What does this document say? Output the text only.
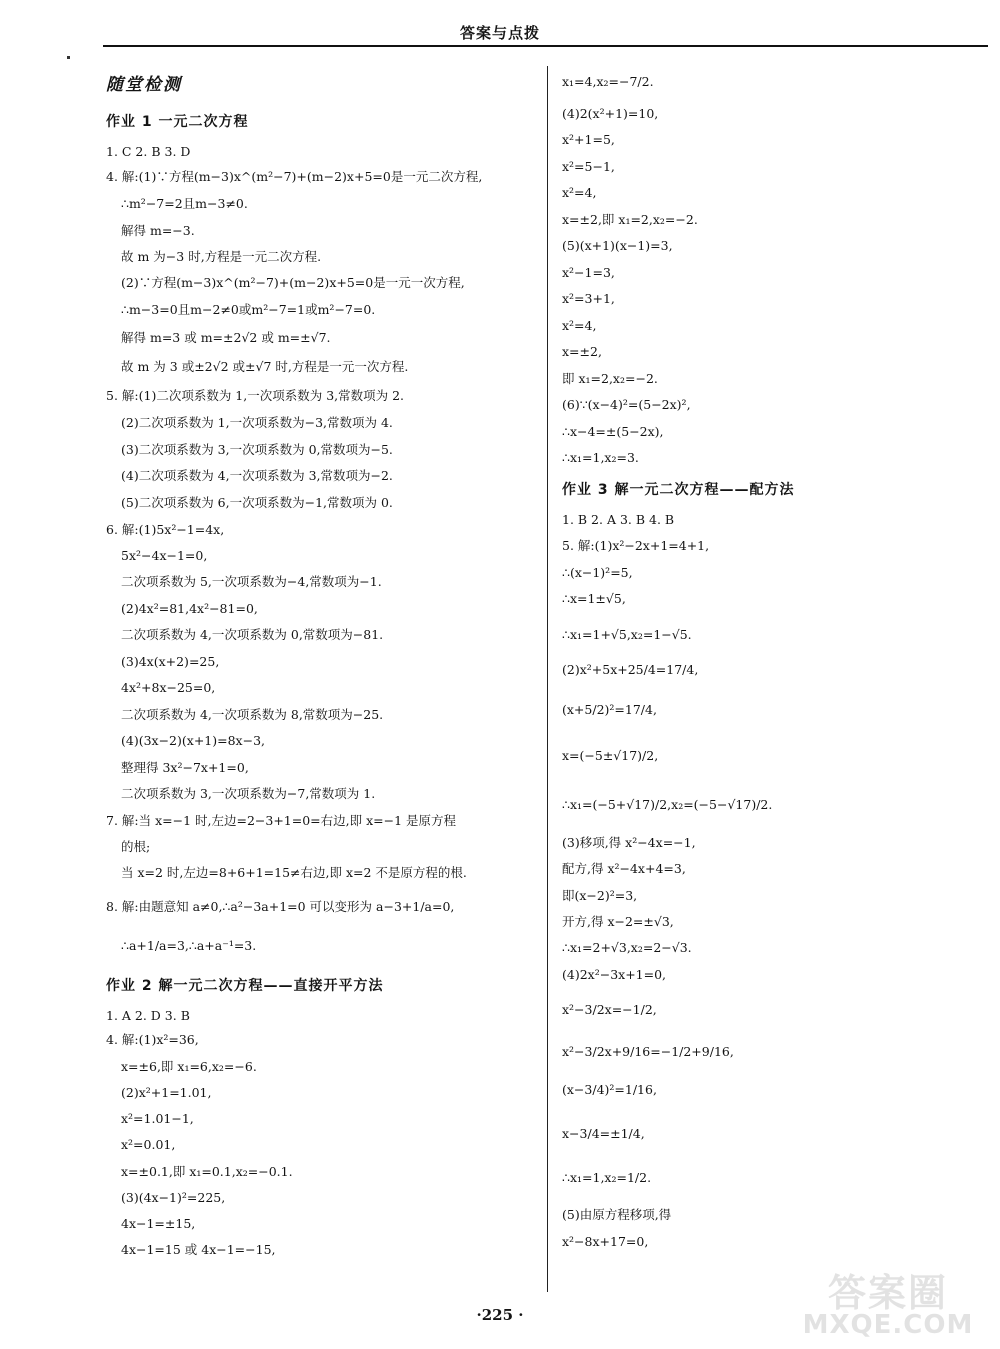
答案与点拨
随堂检测
作业 1 一元二次方程
1. C 2. B 3. D
4. 解:(1)∵方程(m−3)x^(m²−7)+(m−2)x+5=0是一元二次方程,
∴m²−7=2且m−3≠0.
解得 m=−3.
故 m 为−3 时,方程是一元二次方程.
(2)∵方程(m−3)x^(m²−7)+(m−2)x+5=0是一元一次方程,
∴m−3=0且m−2≠0或m²−7=1或m²−7=0.
解得 m=3 或 m=±2√2 或 m=±√7.
故 m 为 3 或±2√2 或±√7 时,方程是一元一次方程.
5. 解:(1)二次项系数为 1,一次项系数为 3,常数项为 2.
(2)二次项系数为 1,一次项系数为−3,常数项为 4.
(3)二次项系数为 3,一次项系数为 0,常数项为−5.
(4)二次项系数为 4,一次项系数为 3,常数项为−2.
(5)二次项系数为 6,一次项系数为−1,常数项为 0.
6. 解:(1)5x²−1=4x,
5x²−4x−1=0,
二次项系数为 5,一次项系数为−4,常数项为−1.
(2)4x²=81,4x²−81=0,
二次项系数为 4,一次项系数为 0,常数项为−81.
(3)4x(x+2)=25,
4x²+8x−25=0,
二次项系数为 4,一次项系数为 8,常数项为−25.
(4)(3x−2)(x+1)=8x−3,
整理得 3x²−7x+1=0,
二次项系数为 3,一次项系数为−7,常数项为 1.
7. 解:当 x=−1 时,左边=2−3+1=0=右边,即 x=−1 是原方程
的根;
当 x=2 时,左边=8+6+1=15≠右边,即 x=2 不是原方程的根.
8. 解:由题意知 a≠0,∴a²−3a+1=0 可以变形为 a−3+1/a=0,
∴a+1/a=3,∴a+a⁻¹=3.
作业 2 解一元二次方程——直接开平方法
1. A 2. D 3. B
4. 解:(1)x²=36,
x=±6,即 x₁=6,x₂=−6.
(2)x²+1=1.01,
x²=1.01−1,
x²=0.01,
x=±0.1,即 x₁=0.1,x₂=−0.1.
(3)(4x−1)²=225,
4x−1=±15,
4x−1=15 或 4x−1=−15,
x₁=4,x₂=−7/2.
(4)2(x²+1)=10,
x²+1=5,
x²=5−1,
x²=4,
x=±2,即 x₁=2,x₂=−2.
(5)(x+1)(x−1)=3,
x²−1=3,
x²=3+1,
x²=4,
x=±2,
即 x₁=2,x₂=−2.
(6)∵(x−4)²=(5−2x)²,
∴x−4=±(5−2x),
∴x₁=1,x₂=3.
作业 3 解一元二次方程——配方法
1. B 2. A 3. B 4. B
5. 解:(1)x²−2x+1=4+1,
∴(x−1)²=5,
∴x=1±√5,
∴x₁=1+√5,x₂=1−√5.
(2)x²+5x+25/4=17/4,
(x+5/2)²=17/4,
x=(−5±√17)/2,
∴x₁=(−5+√17)/2,x₂=(−5−√17)/2.
(3)移项,得 x²−4x=−1,
配方,得 x²−4x+4=3,
即(x−2)²=3,
开方,得 x−2=±√3,
∴x₁=2+√3,x₂=2−√3.
(4)2x²−3x+1=0,
x²−3/2x=−1/2,
x²−3/2x+9/16=−1/2+9/16,
(x−3/4)²=1/16,
x−3/4=±1/4,
∴x₁=1,x₂=1/2.
(5)由原方程移项,得
x²−8x+17=0,
·225 ·	答案圈
MXQE.COM
